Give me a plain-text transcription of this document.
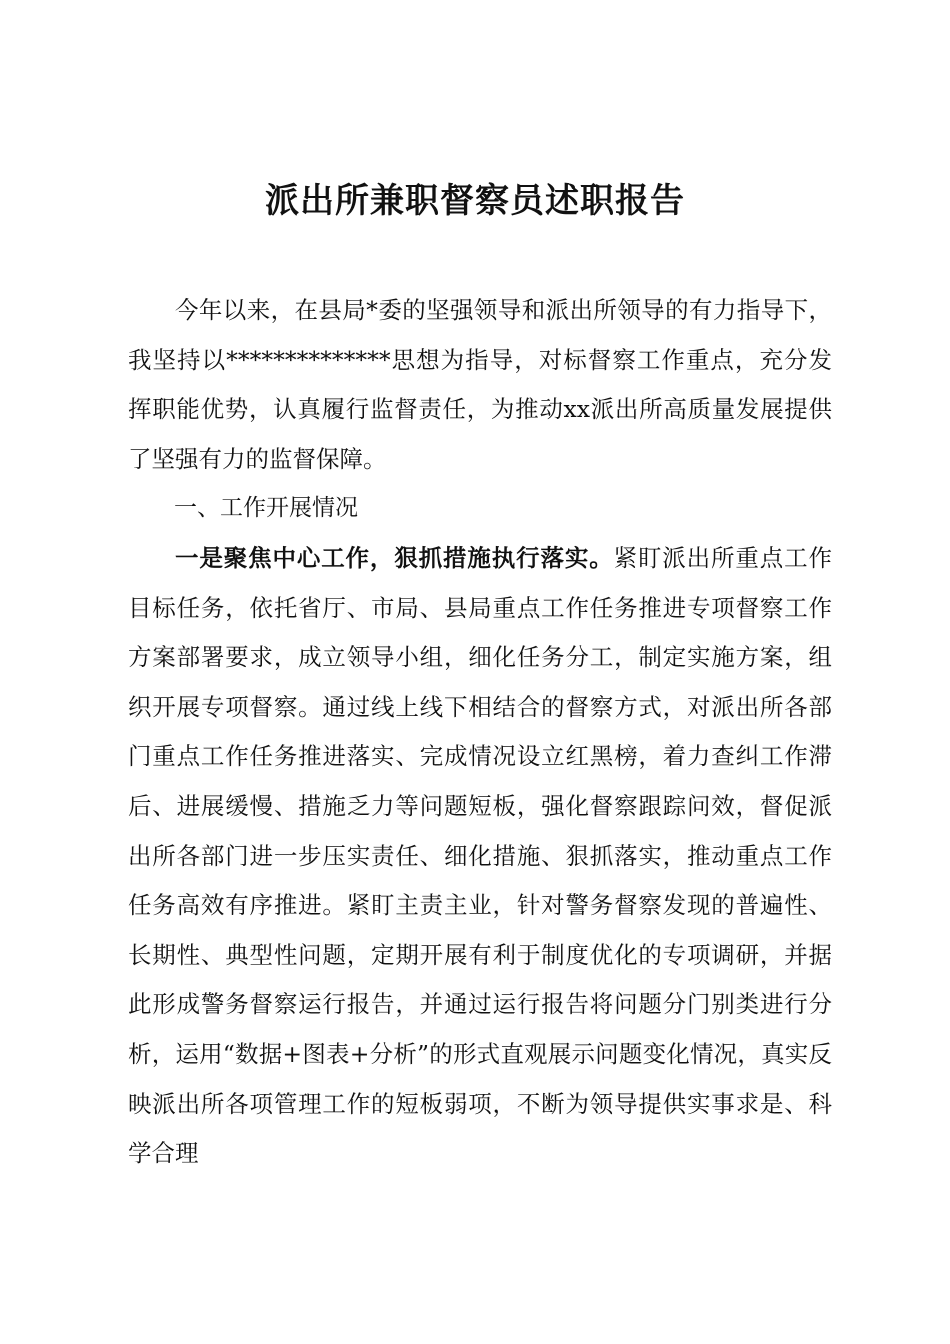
派出所兼职督察员述职报告

今年以来，在县局*委的坚强领导和派出所领导的有力指导下，我坚持以**************思想为指导，对标督察工作重点，充分发挥职能优势，认真履行监督责任，为推动xx派出所高质量发展提供了坚强有力的监督保障。

一、工作开展情况

一是聚焦中心工作，狠抓措施执行落实。紧盯派出所重点工作目标任务，依托省厅、市局、县局重点工作任务推进专项督察工作方案部署要求，成立领导小组，细化任务分工，制定实施方案，组织开展专项督察。通过线上线下相结合的督察方式，对派出所各部门重点工作任务推进落实、完成情况设立红黑榜，着力查纠工作滞后、进展缓慢、措施乏力等问题短板，强化督察跟踪问效，督促派出所各部门进一步压实责任、细化措施、狠抓落实，推动重点工作任务高效有序推进。紧盯主责主业，针对警务督察发现的普遍性、长期性、典型性问题，定期开展有利于制度优化的专项调研，并据此形成警务督察运行报告，并通过运行报告将问题分门别类进行分析，运用“数据+图表+分析”的形式直观展示问题变化情况，真实反映派出所各项管理工作的短板弱项，不断为领导提供实事求是、科学合理
